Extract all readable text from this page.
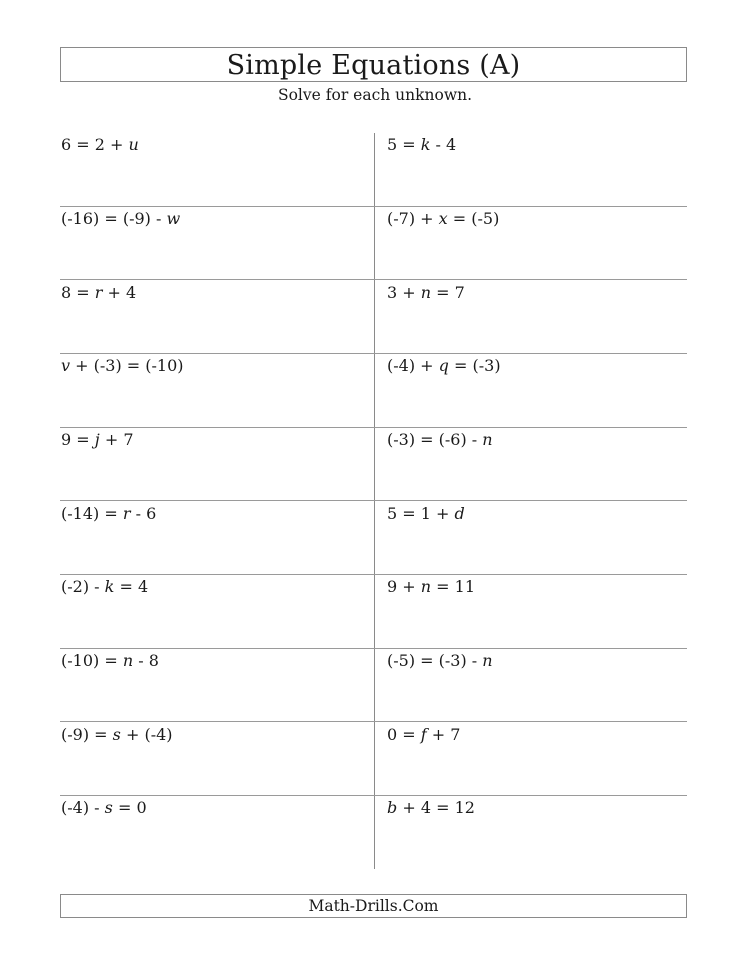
Simple Equations (A)
Solve for each unknown.
6 = 2 + u
(-16) = (-9) - w
8 = r + 4
v + (-3) = (-10)
9 = j + 7
(-14) = r - 6
(-2) - k = 4
(-10) = n - 8
(-9) = s + (-4)
(-4) - s = 0
5 = k - 4
(-7) + x = (-5)
3 + n = 7
(-4) + q = (-3)
(-3) = (-6) - n
5 = 1 + d
9 + n = 11
(-5) = (-3) - n
0 = f + 7
b + 4 = 12
Math-Drills.Com
